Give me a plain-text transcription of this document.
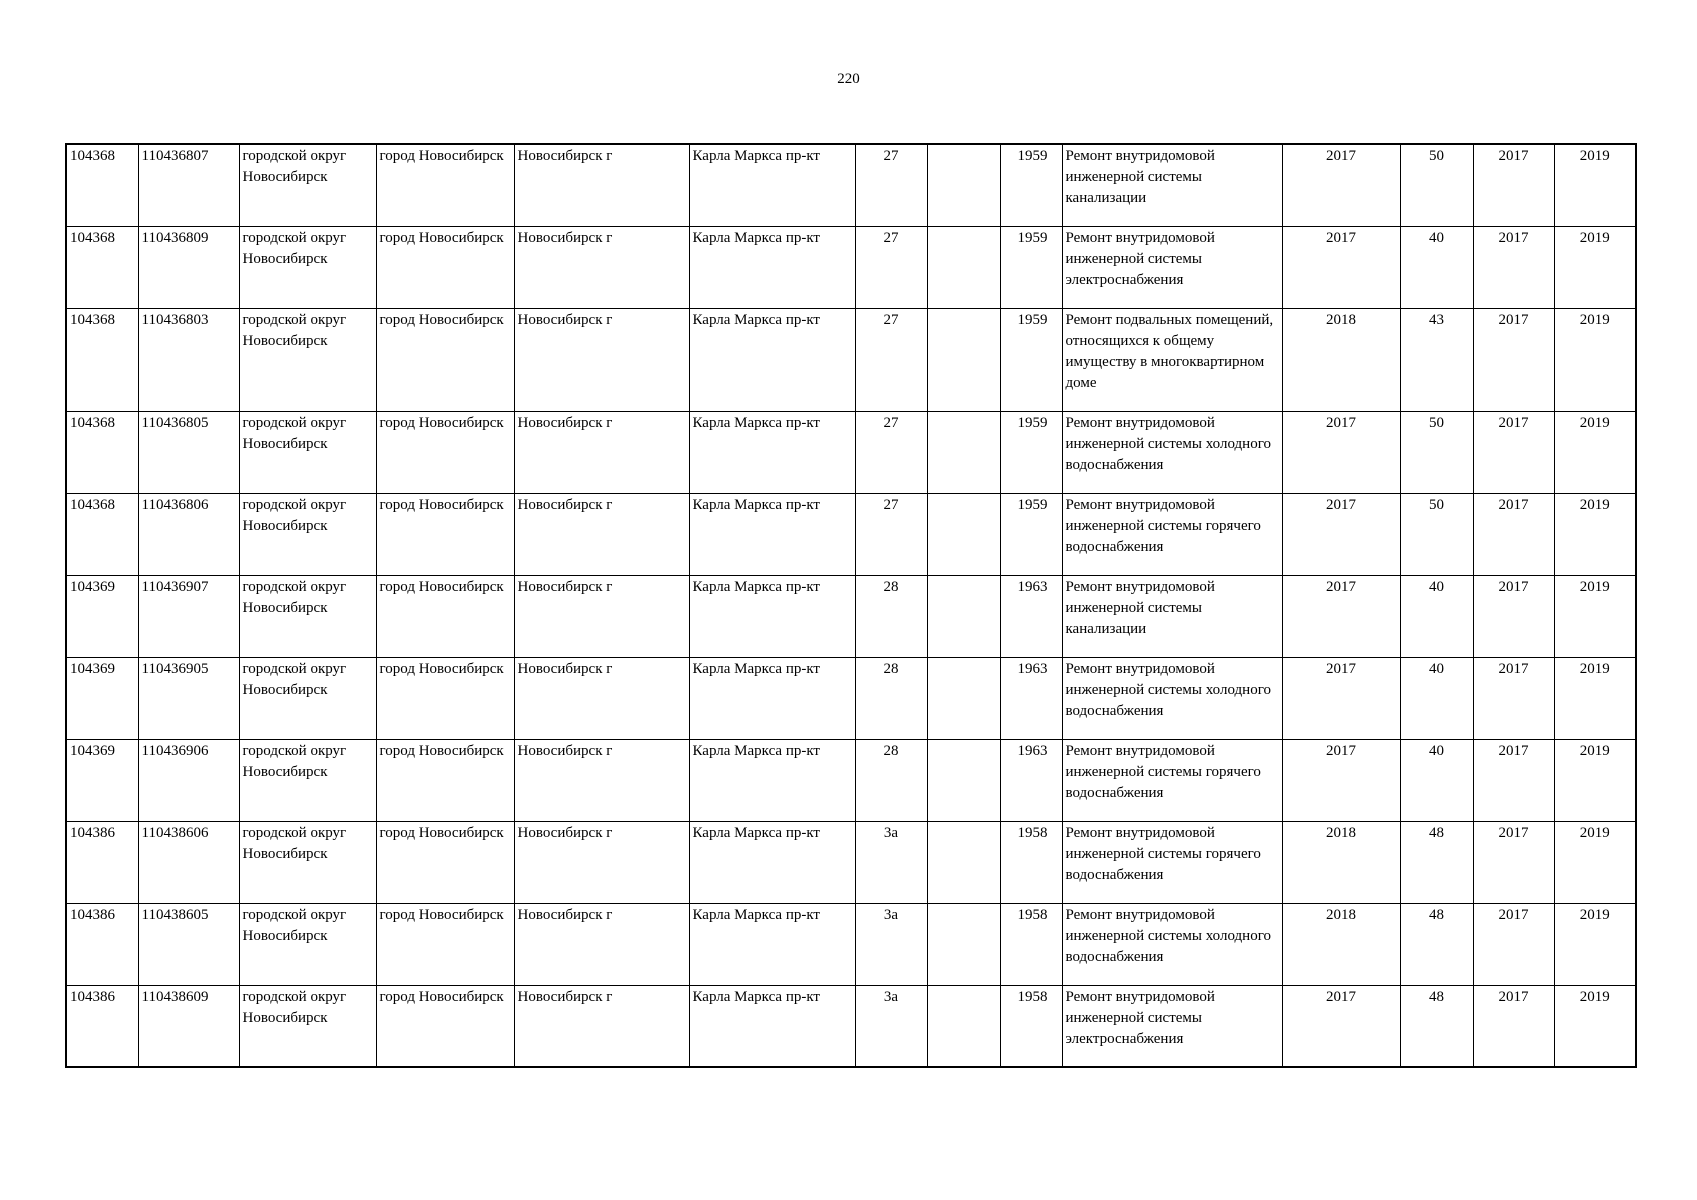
220
104368	110436807	городской округ Новосибирск	город Новосибирск	Новосибирск г	Карла Маркса пр-кт	27		1959	Ремонт внутридомовой инженерной системы канализации	2017	50	2017	2019
104368	110436809	городской округ Новосибирск	город Новосибирск	Новосибирск г	Карла Маркса пр-кт	27		1959	Ремонт внутридомовой инженерной системы электроснабжения	2017	40	2017	2019
104368	110436803	городской округ Новосибирск	город Новосибирск	Новосибирск г	Карла Маркса пр-кт	27		1959	Ремонт подвальных помещений, относящихся к общему имуществу в многоквартирном доме	2018	43	2017	2019
104368	110436805	городской округ Новосибирск	город Новосибирск	Новосибирск г	Карла Маркса пр-кт	27		1959	Ремонт внутридомовой инженерной системы холодного водоснабжения	2017	50	2017	2019
104368	110436806	городской округ Новосибирск	город Новосибирск	Новосибирск г	Карла Маркса пр-кт	27		1959	Ремонт внутридомовой инженерной системы горячего водоснабжения	2017	50	2017	2019
104369	110436907	городской округ Новосибирск	город Новосибирск	Новосибирск г	Карла Маркса пр-кт	28		1963	Ремонт внутридомовой инженерной системы канализации	2017	40	2017	2019
104369	110436905	городской округ Новосибирск	город Новосибирск	Новосибирск г	Карла Маркса пр-кт	28		1963	Ремонт внутридомовой инженерной системы холодного водоснабжения	2017	40	2017	2019
104369	110436906	городской округ Новосибирск	город Новосибирск	Новосибирск г	Карла Маркса пр-кт	28		1963	Ремонт внутридомовой инженерной системы горячего водоснабжения	2017	40	2017	2019
104386	110438606	городской округ Новосибирск	город Новосибирск	Новосибирск г	Карла Маркса пр-кт	3а		1958	Ремонт внутридомовой инженерной системы горячего водоснабжения	2018	48	2017	2019
104386	110438605	городской округ Новосибирск	город Новосибирск	Новосибирск г	Карла Маркса пр-кт	3а		1958	Ремонт внутридомовой инженерной системы холодного водоснабжения	2018	48	2017	2019
104386	110438609	городской округ Новосибирск	город Новосибирск	Новосибирск г	Карла Маркса пр-кт	3а		1958	Ремонт внутридомовой инженерной системы электроснабжения	2017	48	2017	2019
